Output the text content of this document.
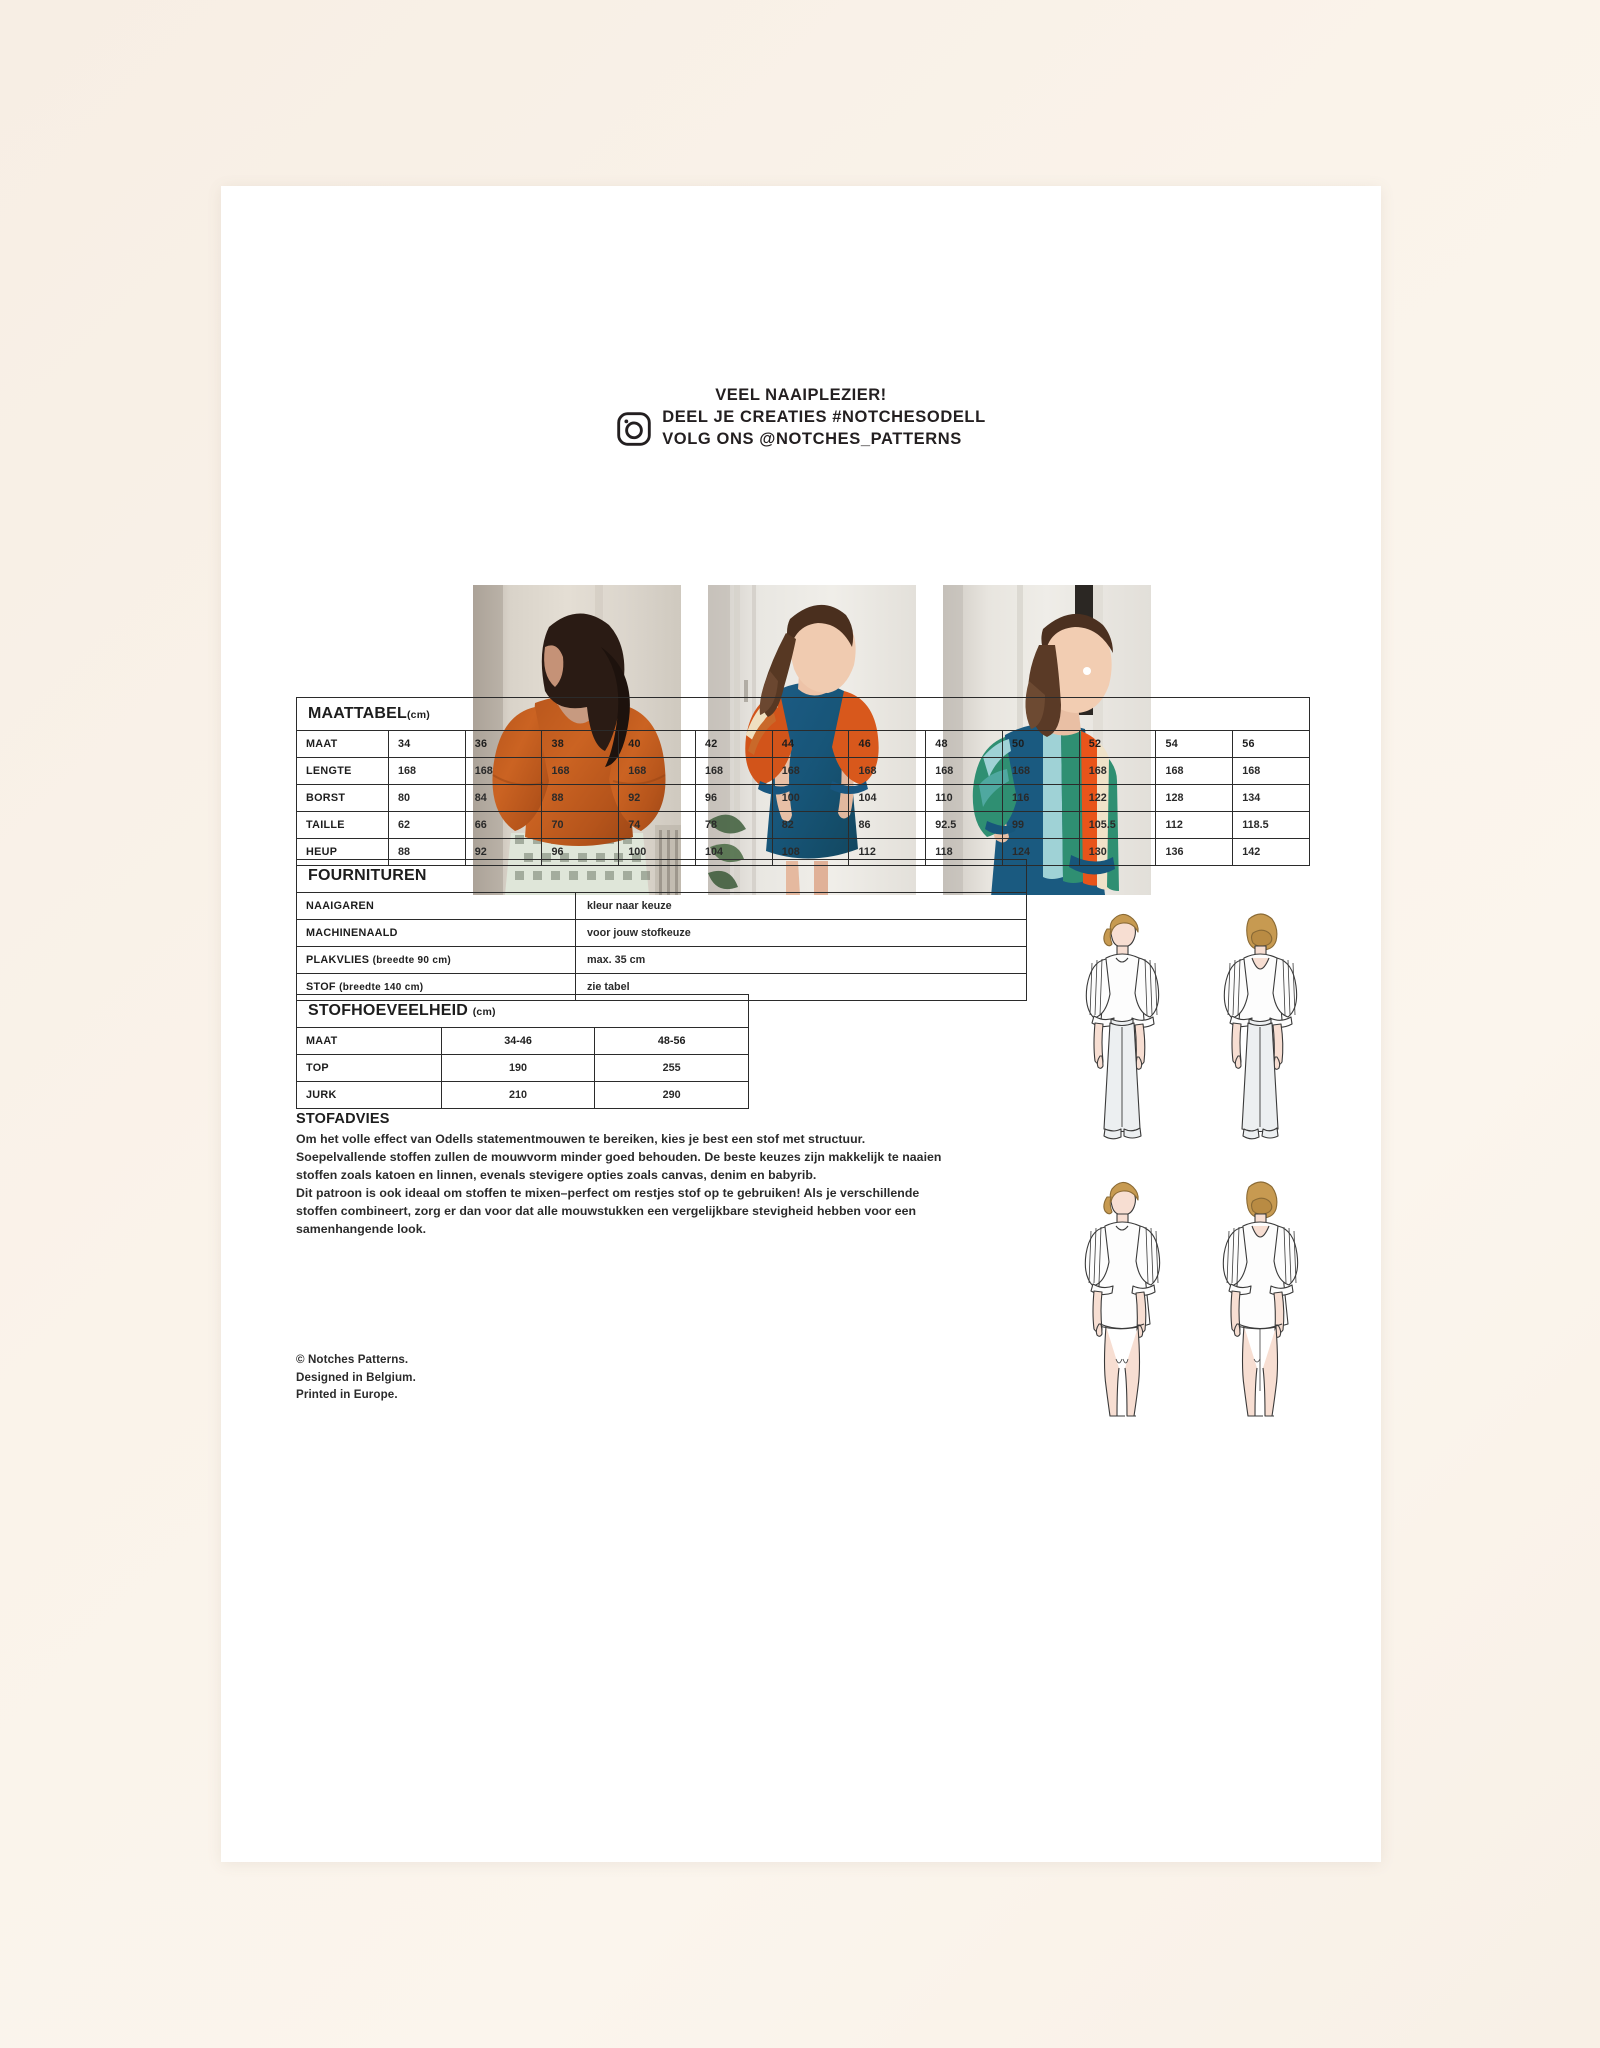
VEEL NAAIPLEZIER!
DEEL JE CREATIES #NOTCHESODELL
VOLG ONS @NOTCHES_PATTERNS
MAATTABEL(cm)												
MAAT	34	36	38	40	42	44	46	48	50	52	54	56
LENGTE	168	168	168	168	168	168	168	168	168	168	168	168
BORST	80	84	88	92	96	100	104	110	116	122	128	134
TAILLE	62	66	70	74	78	82	86	92.5	99	105.5	112	118.5
HEUP	88	92	96	100	104	108	112	118	124	130	136	142
FOURNITUREN	
NAAIGAREN	kleur naar keuze
MACHINENAALD	voor jouw stofkeuze
PLAKVLIES (breedte 90 cm)	max. 35 cm
STOF (breedte 140 cm)	zie tabel
STOFHOEVEELHEID (cm)		
MAAT	34-46	48-56
TOP	190	255
JURK	210	290
STOFADVIES

Om het volle effect van Odells statementmouwen te bereiken, kies je best een stof met structuur. Soepelvallende stoffen zullen de mouwvorm minder goed behouden. De beste keuzes zijn makkelijk te naaien stoffen zoals katoen en linnen, evenals stevigere opties zoals canvas, denim en babyrib.

Dit patroon is ook ideaal om stoffen te mixen–perfect om restjes stof op te gebruiken! Als je verschillende stoffen combineert, zorg er dan voor dat alle mouwstukken een vergelijkbare stevigheid hebben voor een samenhangende look.

© Notches Patterns.
Designed in Belgium.
Printed in Europe.
